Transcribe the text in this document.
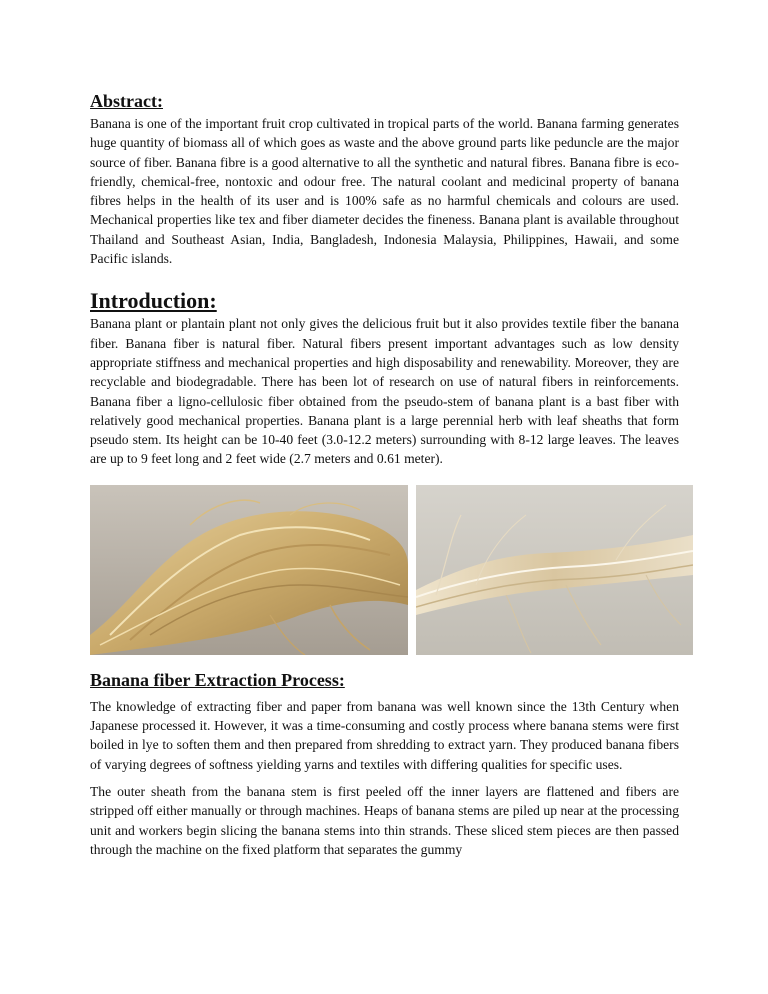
Abstract:

Banana is one of the important fruit crop cultivated in tropical parts of the world. Banana farming generates huge quantity of biomass all of which goes as waste and the above ground parts like peduncle are the major source of fiber. Banana fibre is a good alternative to all the synthetic and natural fibres. Banana fibre is eco-friendly, chemical-free, nontoxic and odour free. The natural coolant and medicinal property of banana fibres helps in the health of its user and is 100% safe as no harmful chemicals and colours are used. Mechanical properties like tex and fiber diameter decides the fineness. Banana plant is available throughout Thailand and Southeast Asian, India, Bangladesh, Indonesia Malaysia, Philippines, Hawaii, and some Pacific islands.

Introduction:

Banana plant or plantain plant not only gives the delicious fruit but it also provides textile fiber the banana fiber. Banana fiber is natural fiber. Natural fibers present important advantages such as low density appropriate stiffness and mechanical properties and high disposability and renewability. Moreover, they are recyclable and biodegradable. There has been lot of research on use of natural fibers in reinforcements. Banana fiber a ligno-cellulosic fiber obtained from the pseudo-stem of banana plant is a bast fiber with relatively good mechanical properties. Banana plant is a large perennial herb with leaf sheaths that form pseudo stem. Its height can be 10-40 feet (3.0-12.2 meters) surrounding with 8-12 large leaves. The leaves are up to 9 feet long and 2 feet wide (2.7 meters and 0.61 meter).

Banana fiber Extraction Process:

The knowledge of extracting fiber and paper from banana was well known since the 13th Century when Japanese processed it. However, it was a time-consuming and costly process where banana stems were first boiled in lye to soften them and then prepared from shredding to extract yarn. They produced banana fibers of varying degrees of softness yielding yarns and textiles with differing qualities for specific uses.

The outer sheath from the banana stem is first peeled off the inner layers are flattened and fibers are stripped off either manually or through machines. Heaps of banana stems are piled up near at the processing unit and workers begin slicing the banana stems into thin strands. These sliced stem pieces are then passed through the machine on the fixed platform that separates the gummy
